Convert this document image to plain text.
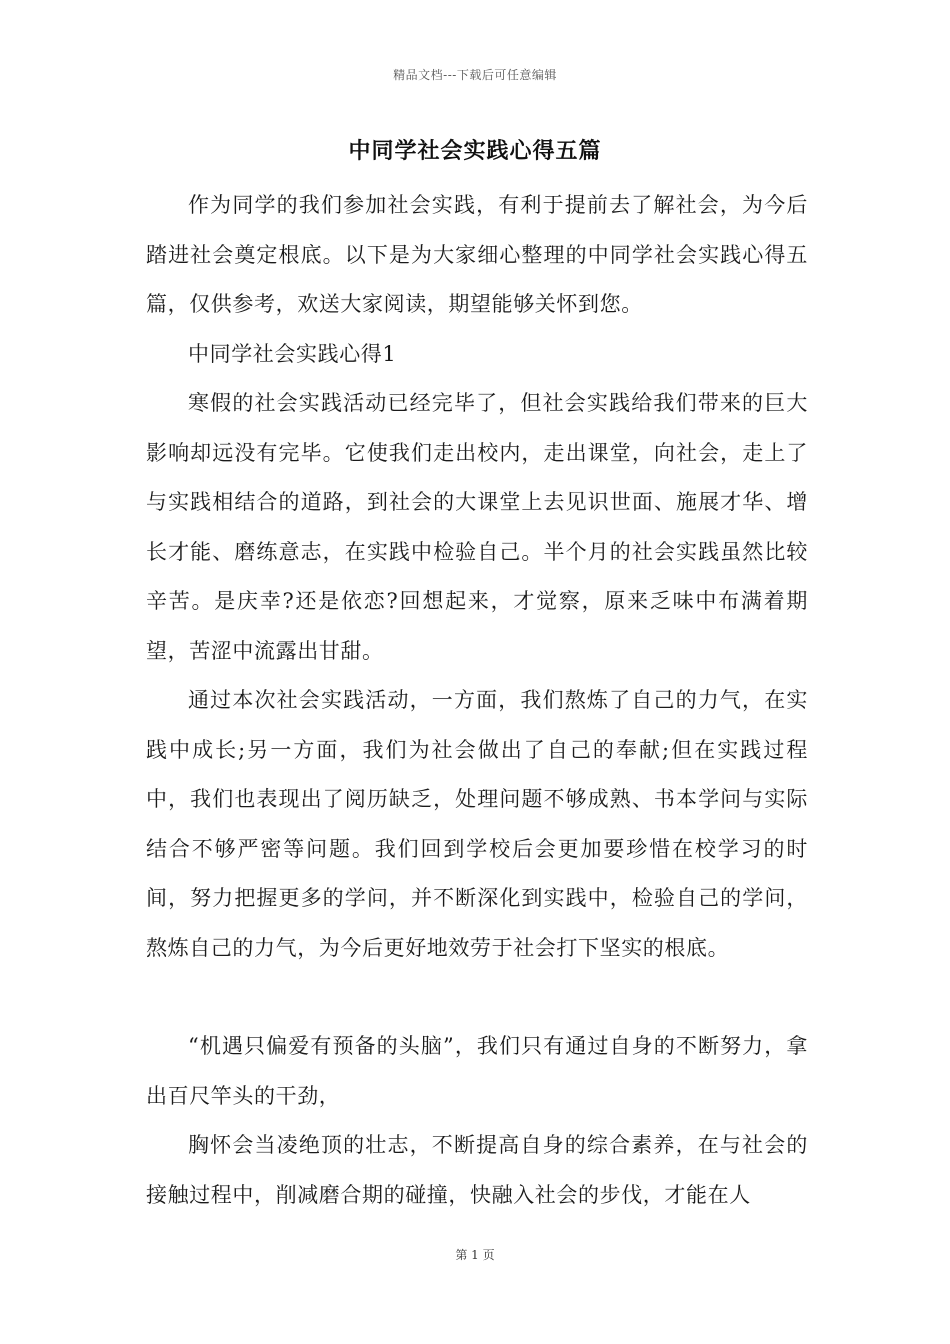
精品文档---下载后可任意编辑
中同学社会实践心得五篇

作为同学的我们参加社会实践，有利于提前去了解社会，为今后踏进社会奠定根底。以下是为大家细心整理的中同学社会实践心得五篇，仅供参考，欢送大家阅读，期望能够关怀到您。

中同学社会实践心得1

寒假的社会实践活动已经完毕了，但社会实践给我们带来的巨大影响却远没有完毕。它使我们走出校内，走出课堂，向社会，走上了与实践相结合的道路，到社会的大课堂上去见识世面、施展才华、增长才能、磨练意志，在实践中检验自己。半个月的社会实践虽然比较辛苦。是庆幸?还是依恋?回想起来，才觉察，原来乏味中布满着期望，苦涩中流露出甘甜。

通过本次社会实践活动，一方面，我们熬炼了自己的力气，在实践中成长;另一方面，我们为社会做出了自己的奉献;但在实践过程中，我们也表现出了阅历缺乏，处理问题不够成熟、书本学问与实际结合不够严密等问题。我们回到学校后会更加要珍惜在校学习的时间，努力把握更多的学问，并不断深化到实践中，检验自己的学问，熬炼自己的力气，为今后更好地效劳于社会打下坚实的根底。

“机遇只偏爱有预备的头脑”，我们只有通过自身的不断努力，拿出百尺竿头的干劲，

胸怀会当凌绝顶的壮志，不断提高自身的综合素养，在与社会的接触过程中，削减磨合期的碰撞，快融入社会的步伐，才能在人

第 1 页
